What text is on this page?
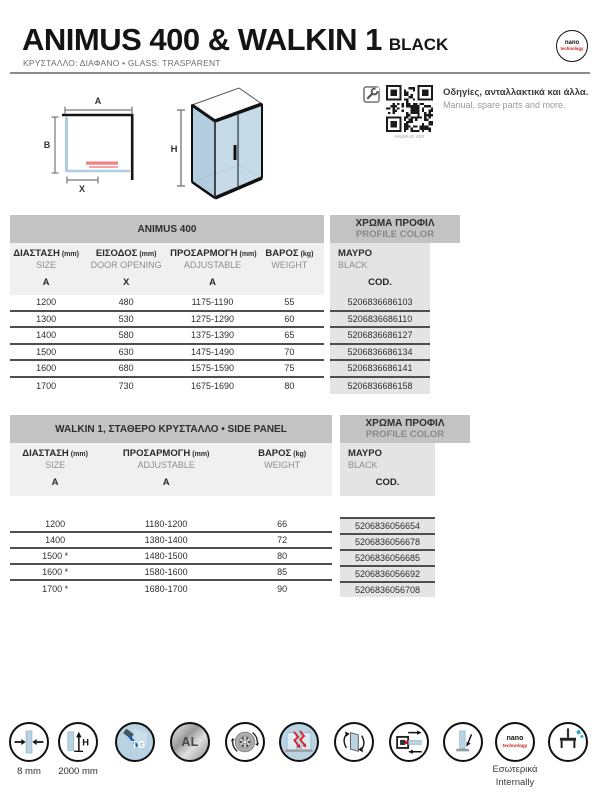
ANIMUS 400 & WALKIN 1 BLACK
ΚΡΥΣΤΑΛΛΟ: ΔΙΑΦΑΝΟ • GLASS: TRASPARENT
nano
technology
A
B
X
H
ANIMUS 400
Οδηγίες, ανταλλακτικά και άλλα.
Manual, spare parts and more.
ANIMUS 400	ΧΡΩΜΑ ΠΡΟΦΙΛ
PROFILE COLOR
ΔΙΑΣΤΑΣΗ (mm)
SIZE
A
ΕΙΣΟΔΟΣ (mm)
DOOR OPENING
X
ΠΡΟΣΑΡΜΟΓΗ (mm)
ADJUSTABLE
A
ΒΑΡΟΣ (kg)
WEIGHT
ΜΑΥΡΟ
BLACK
COD.
1200	480	1175-1190	55
1300	530	1275-1290	60
1400	580	1375-1390	65
1500	630	1475-1490	70
1600	680	1575-1590	75
1700	730	1675-1690	80
5206836686103
5206836686110
5206836686127
5206836686134
5206836686141
5206836686158
WALKIN 1, ΣΤΑΘΕΡΟ ΚΡΥΣΤΑΛΛΟ • SIDE PANEL	ΧΡΩΜΑ ΠΡΟΦΙΛ
PROFILE COLOR
ΔΙΑΣΤΑΣΗ (mm)
SIZE
A
ΠΡΟΣΑΡΜΟΓΗ (mm)
ADJUSTABLE
A
ΒΑΡΟΣ (kg)
WEIGHT
ΜΑΥΡΟ
BLACK
COD.
1200	1180-1200	66
1400	1380-1400	72
1500 *	1480-1500	80
1600 *	1580-1600	85
1700 *	1680-1700	90
5206836056654
5206836056678
5206836056685
5206836056692
5206836056708
8 mm
H
2000 mm
TG	AL	nano
technology
Εσωτερικά
Internally
